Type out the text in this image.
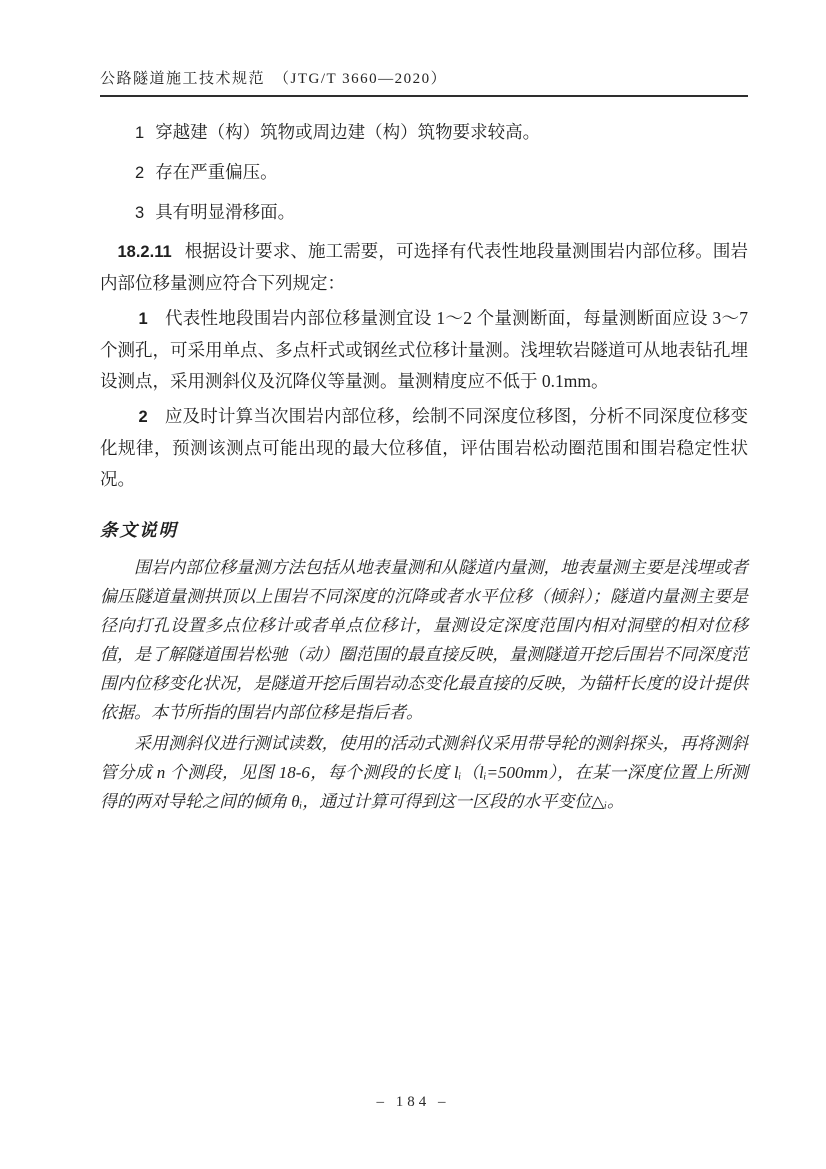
公路隧道施工技术规范　（JTG/T 3660—2020）

1 穿越建（构）筑物或周边建（构）筑物要求较高。

2 存在严重偏压。

3 具有明显滑移面。

18.2.11 根据设计要求、施工需要，可选择有代表性地段量测围岩内部位移。围岩内部位移量测应符合下列规定：

1 代表性地段围岩内部位移量测宜设 1～2 个量测断面，每量测断面应设 3～7 个测孔，可采用单点、多点杆式或钢丝式位移计量测。浅埋软岩隧道可从地表钻孔埋设测点，采用测斜仪及沉降仪等量测。量测精度应不低于 0.1mm。

2 应及时计算当次围岩内部位移，绘制不同深度位移图，分析不同深度位移变化规律，预测该测点可能出现的最大位移值，评估围岩松动圈范围和围岩稳定性状况。

条文说明

围岩内部位移量测方法包括从地表量测和从隧道内量测，地表量测主要是浅埋或者偏压隧道量测拱顶以上围岩不同深度的沉降或者水平位移（倾斜）；隧道内量测主要是径向打孔设置多点位移计或者单点位移计，量测设定深度范围内相对洞壁的相对位移值，是了解隧道围岩松驰（动）圈范围的最直接反映，量测隧道开挖后围岩不同深度范围内位移变化状况，是隧道开挖后围岩动态变化最直接的反映，为锚杆长度的设计提供依据。本节所指的围岩内部位移是指后者。

采用测斜仪进行测试读数，使用的活动式测斜仪采用带导轮的测斜探头，再将测斜管分成 n 个测段，见图 18-6，每个测段的长度 lᵢ（lᵢ=500mm），在某一深度位置上所测得的两对导轮之间的倾角 θᵢ，通过计算可得到这一区段的水平变位△ᵢ。

– 184 –
